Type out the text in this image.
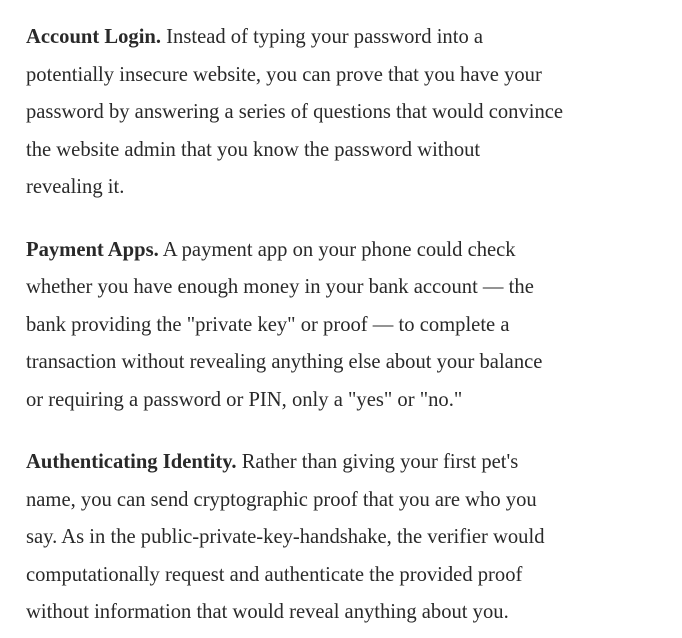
Account Login. Instead of typing your password into a
potentially insecure website, you can prove that you have your
password by answering a series of questions that would convince
the website admin that you know the password without
revealing it.

Payment Apps. A payment app on your phone could check
whether you have enough money in your bank account — the
bank providing the "private key" or proof — to complete a
transaction without revealing anything else about your balance
or requiring a password or PIN, only a "yes" or "no."

Authenticating Identity. Rather than giving your first pet's
name, you can send cryptographic proof that you are who you
say. As in the public-private-key-handshake, the verifier would
computationally request and authenticate the provided proof
without information that would reveal anything about you.
